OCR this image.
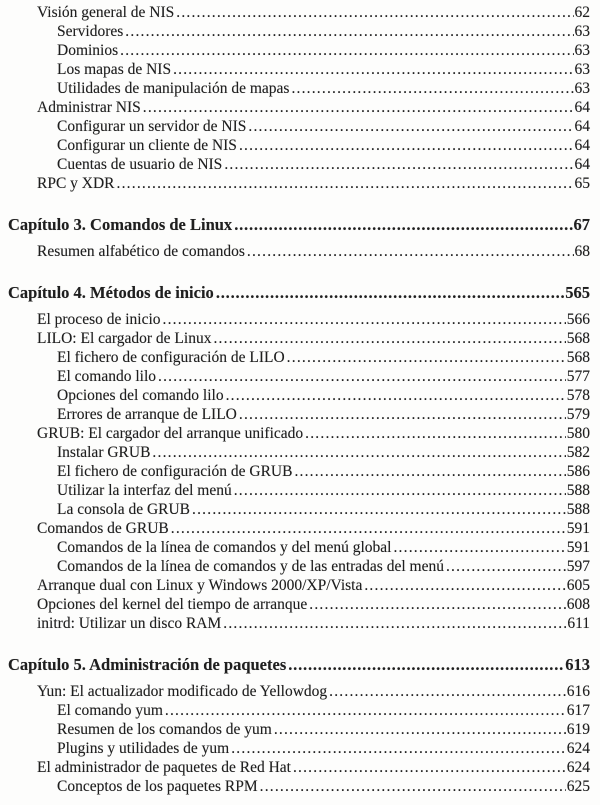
Visión general de NIS .....	62
Servidores .....	63
Dominios .....	63
Los mapas de NIS .....	63
Utilidades de manipulación de mapas .....	63
Administrar NIS .....	64
Configurar un servidor de NIS .....	64
Configurar un cliente de NIS .....	64
Cuentas de usuario de NIS .....	64
RPC y XDR .....	65
Capítulo 3. Comandos de Linux .....	67
Resumen alfabético de comandos .....	68
Capítulo 4. Métodos de inicio .....	565
El proceso de inicio .....	566
LILO: El cargador de Linux .....	568
El fichero de configuración de LILO .....	568
El comando lilo .....	577
Opciones del comando lilo .....	578
Errores de arranque de LILO .....	579
GRUB: El cargador del arranque unificado .....	580
Instalar GRUB .....	582
El fichero de configuración de GRUB .....	586
Utilizar la interfaz del menú .....	588
La consola de GRUB .....	588
Comandos de GRUB .....	591
Comandos de la línea de comandos y del menú global .....	591
Comandos de la línea de comandos y de las entradas del menú .....	597
Arranque dual con Linux y Windows 2000/XP/Vista .....	605
Opciones del kernel del tiempo de arranque .....	608
initrd: Utilizar un disco RAM .....	611
Capítulo 5. Administración de paquetes .....	613
Yun: El actualizador modificado de Yellowdog .....	616
El comando yum .....	617
Resumen de los comandos de yum .....	619
Plugins y utilidades de yum .....	624
El administrador de paquetes de Red Hat .....	624
Conceptos de los paquetes RPM .....	625
